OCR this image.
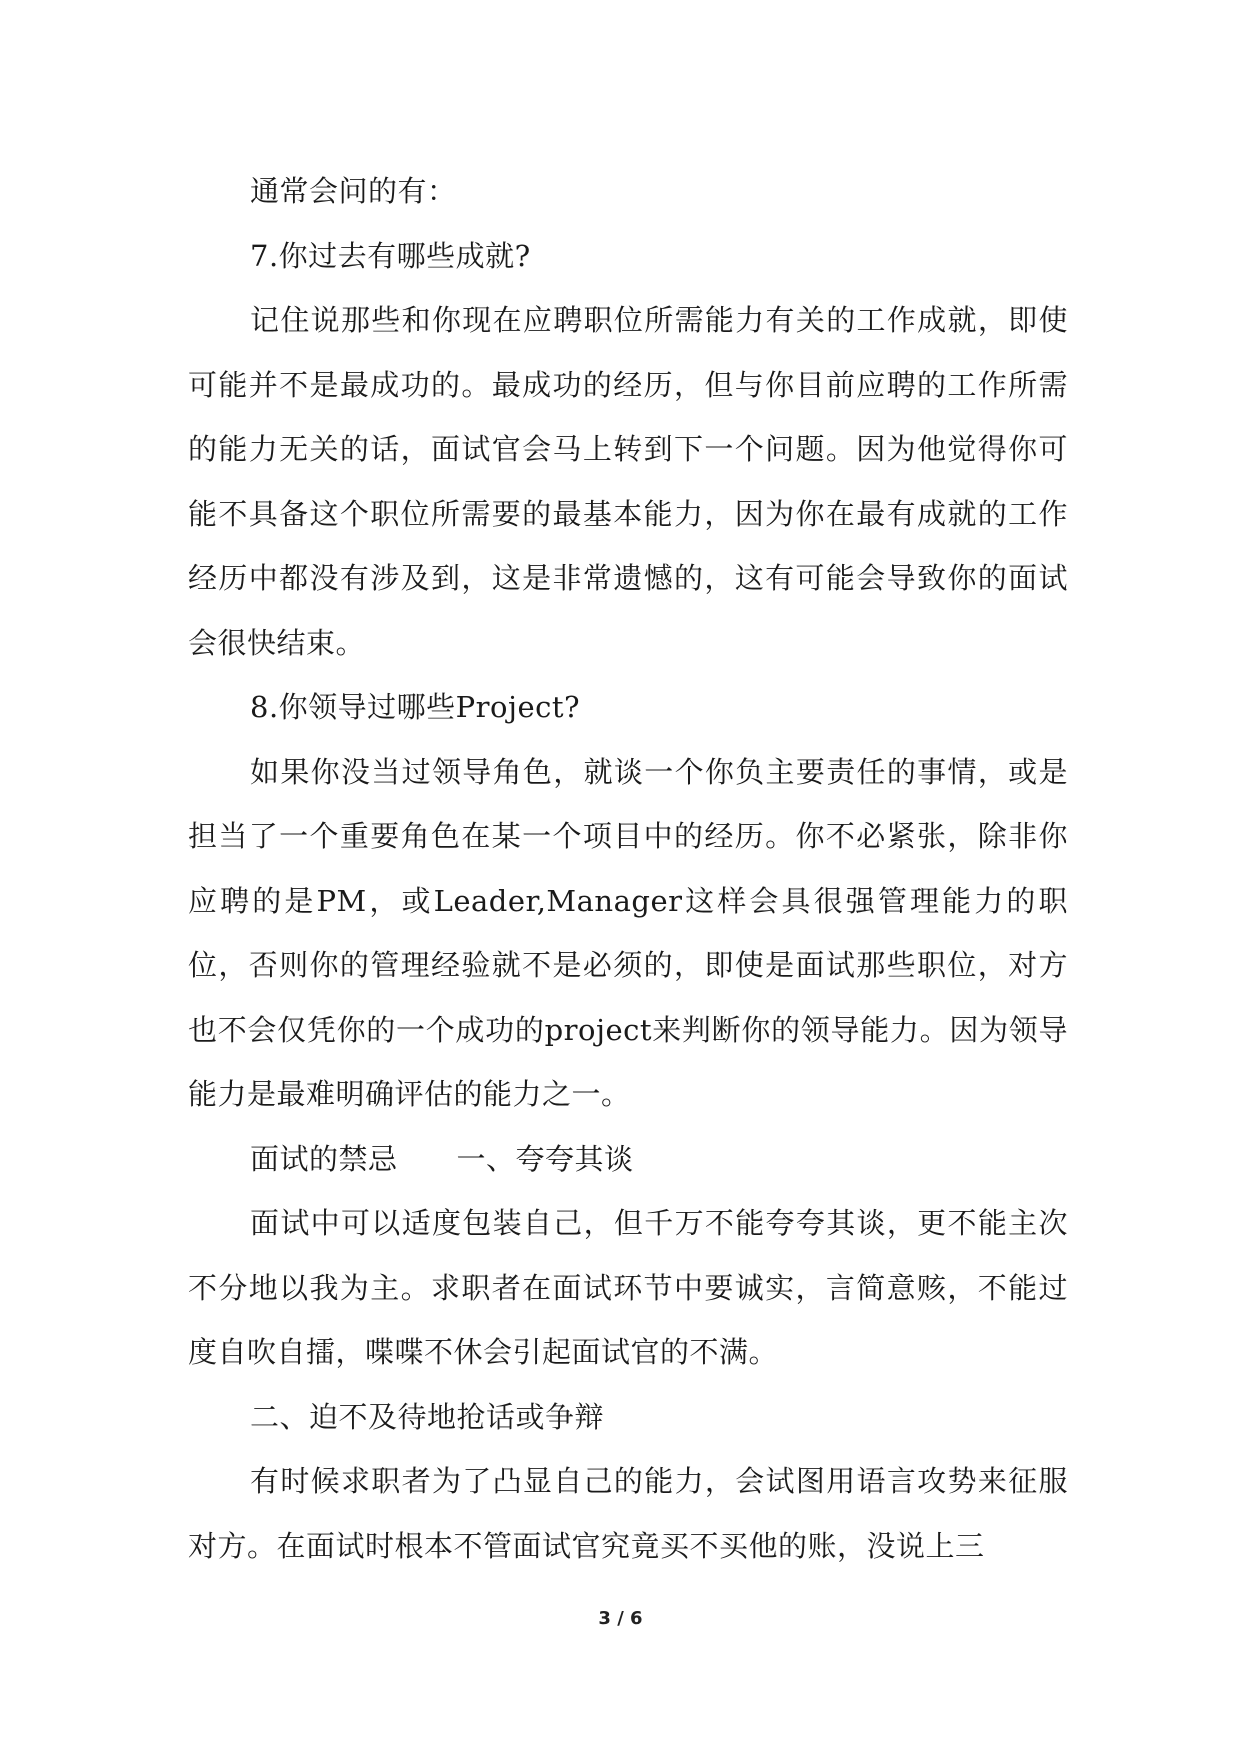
通常会问的有：

7.你过去有哪些成就?

记住说那些和你现在应聘职位所需能力有关的工作成就，即使可能并不是最成功的。最成功的经历，但与你目前应聘的工作所需的能力无关的话，面试官会马上转到下一个问题。因为他觉得你可能不具备这个职位所需要的最基本能力，因为你在最有成就的工作经历中都没有涉及到，这是非常遗憾的，这有可能会导致你的面试会很快结束。

8.你领导过哪些Project?

如果你没当过领导角色，就谈一个你负主要责任的事情，或是担当了一个重要角色在某一个项目中的经历。你不必紧张，除非你应聘的是PM，或Leader,Manager这样会具很强管理能力的职位，否则你的管理经验就不是必须的，即使是面试那些职位，对方也不会仅凭你的一个成功的project来判断你的领导能力。因为领导能力是最难明确评估的能力之一。

面试的禁忌　　一、夸夸其谈

面试中可以适度包装自己，但千万不能夸夸其谈，更不能主次不分地以我为主。求职者在面试环节中要诚实，言简意赅，不能过度自吹自擂，喋喋不休会引起面试官的不满。

二、迫不及待地抢话或争辩

有时候求职者为了凸显自己的能力，会试图用语言攻势来征服对方。在面试时根本不管面试官究竟买不买他的账，没说上三

3 / 6
